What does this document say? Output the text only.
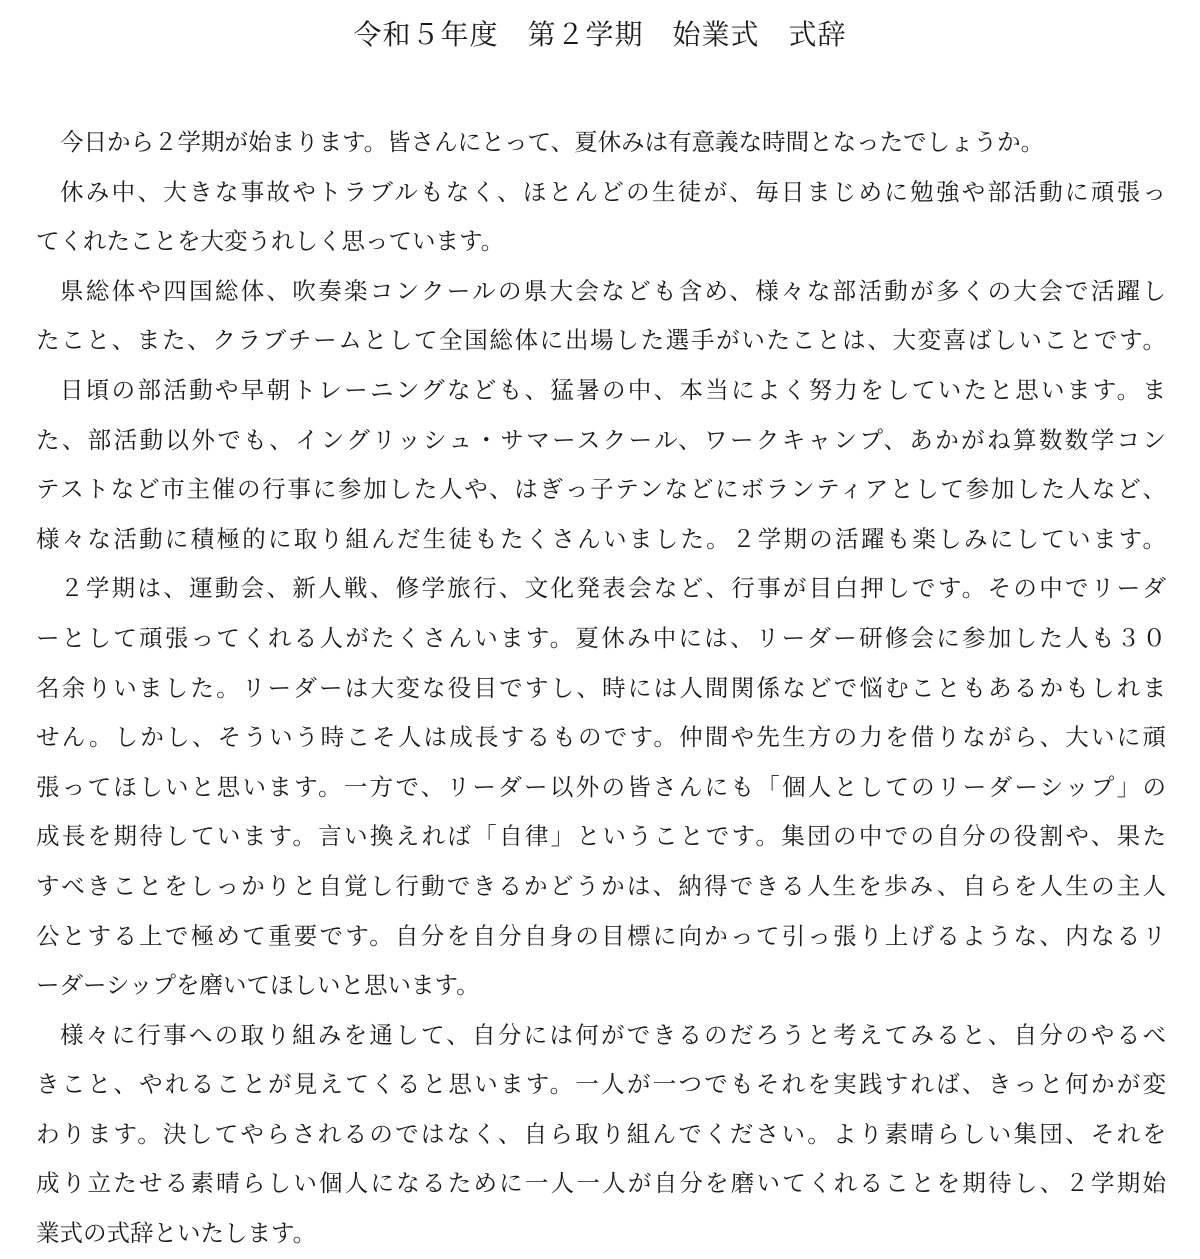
令和５年度　第２学期　始業式　式辞
今日から２学期が始まります。皆さんにとって、夏休みは有意義な時間となったでしょうか。
休み中、大きな事故やトラブルもなく、ほとんどの生徒が、毎日まじめに勉強や部活動に頑張っ
てくれたことを大変うれしく思っています。
県総体や四国総体、吹奏楽コンクールの県大会なども含め、様々な部活動が多くの大会で活躍し
たこと、また、クラブチームとして全国総体に出場した選手がいたことは、大変喜ばしいことです。
日頃の部活動や早朝トレーニングなども、猛暑の中、本当によく努力をしていたと思います。ま
た、部活動以外でも、イングリッシュ・サマースクール、ワークキャンプ、あかがね算数数学コン
テストなど市主催の行事に参加した人や、はぎっ子テンなどにボランティアとして参加した人など、
様々な活動に積極的に取り組んだ生徒もたくさんいました。２学期の活躍も楽しみにしています。
２学期は、運動会、新人戦、修学旅行、文化発表会など、行事が目白押しです。その中でリーダ
ーとして頑張ってくれる人がたくさんいます。夏休み中には、リーダー研修会に参加した人も３０
名余りいました。リーダーは大変な役目ですし、時には人間関係などで悩むこともあるかもしれま
せん。しかし、そういう時こそ人は成長するものです。仲間や先生方の力を借りながら、大いに頑
張ってほしいと思います。一方で、リーダー以外の皆さんにも「個人としてのリーダーシップ」の
成長を期待しています。言い換えれば「自律」ということです。集団の中での自分の役割や、果た
すべきことをしっかりと自覚し行動できるかどうかは、納得できる人生を歩み、自らを人生の主人
公とする上で極めて重要です。自分を自分自身の目標に向かって引っ張り上げるような、内なるリ
ーダーシップを磨いてほしいと思います。
様々に行事への取り組みを通して、自分には何ができるのだろうと考えてみると、自分のやるべ
きこと、やれることが見えてくると思います。一人が一つでもそれを実践すれば、きっと何かが変
わります。決してやらされるのではなく、自ら取り組んでください。より素晴らしい集団、それを
成り立たせる素晴らしい個人になるために一人一人が自分を磨いてくれることを期待し、２学期始
業式の式辞といたします。
